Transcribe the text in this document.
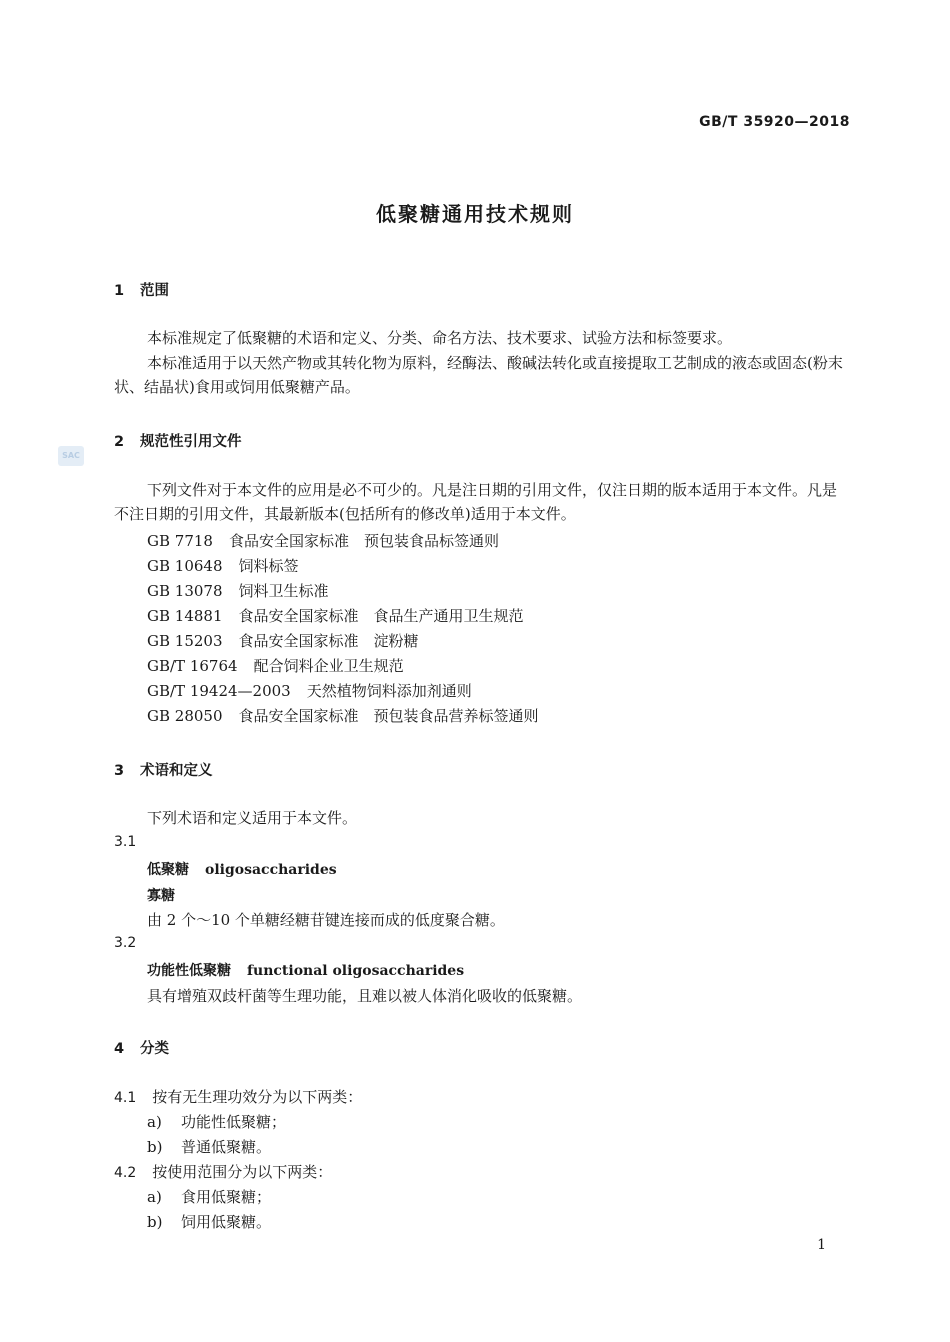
GB/T 35920—2018
低聚糖通用技术规则
1 范围
本标准规定了低聚糖的术语和定义、分类、命名方法、技术要求、试验方法和标签要求。
本标准适用于以天然产物或其转化物为原料，经酶法、酸碱法转化或直接提取工艺制成的液态或固态(粉末状、结晶状)食用或饲用低聚糖产品。
SAC
2 规范性引用文件
下列文件对于本文件的应用是必不可少的。凡是注日期的引用文件，仅注日期的版本适用于本文件。凡是不注日期的引用文件，其最新版本(包括所有的修改单)适用于本文件。
GB 7718 食品安全国家标准　预包装食品标签通则
GB 10648 饲料标签
GB 13078 饲料卫生标准
GB 14881 食品安全国家标准　食品生产通用卫生规范
GB 15203 食品安全国家标准　淀粉糖
GB/T 16764 配合饲料企业卫生规范
GB/T 19424—2003 天然植物饲料添加剂通则
GB 28050 食品安全国家标准　预包装食品营养标签通则
3 术语和定义
下列术语和定义适用于本文件。
3.1
低聚糖 oligosaccharides
寡糖
由 2 个～10 个单糖经糖苷键连接而成的低度聚合糖。
3.2
功能性低聚糖 functional oligosaccharides
具有增殖双歧杆菌等生理功能，且难以被人体消化吸收的低聚糖。
4 分类
4.1 按有无生理功效分为以下两类：
a) 功能性低聚糖；
b) 普通低聚糖。
4.2 按使用范围分为以下两类：
a) 食用低聚糖；
b) 饲用低聚糖。
1
